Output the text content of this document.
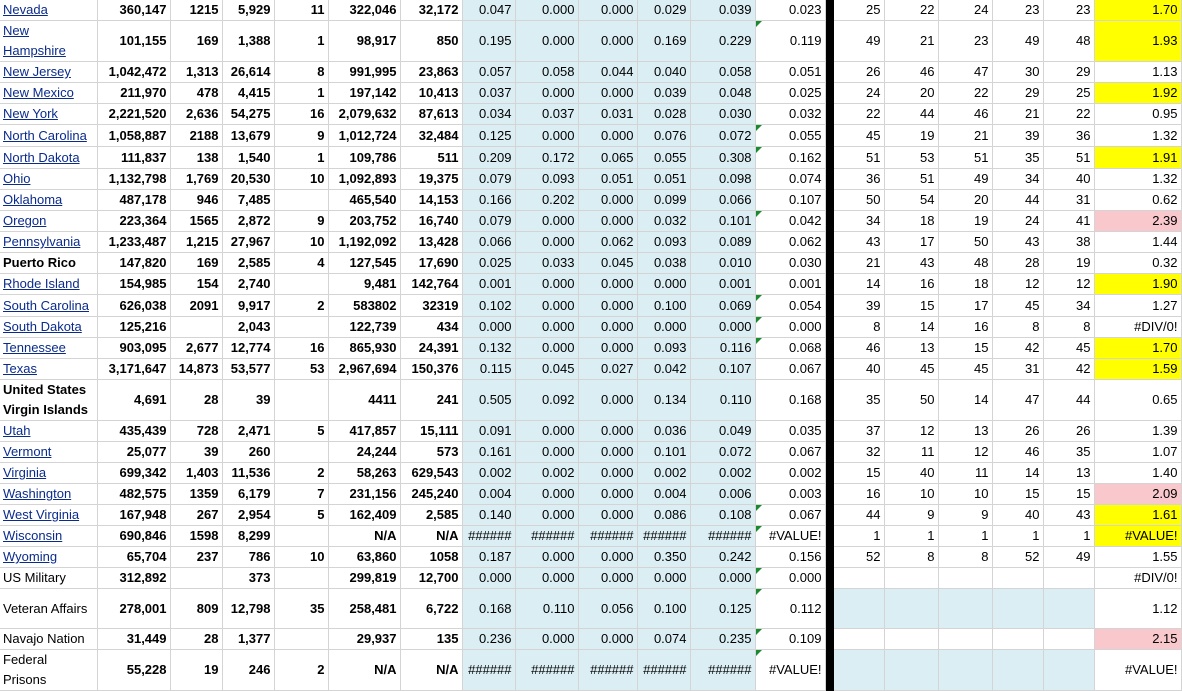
Nevada	360,147	1215	5,929	11	322,046	32,172	0.047	0.000	0.000	0.029	0.039	0.023		25	22	24	23	23	1.70
New Hampshire	101,155	169	1,388	1	98,917	850	0.195	0.000	0.000	0.169	0.229	0.119		49	21	23	49	48	1.93
New Jersey	1,042,472	1,313	26,614	8	991,995	23,863	0.057	0.058	0.044	0.040	0.058	0.051		26	46	47	30	29	1.13
New Mexico	211,970	478	4,415	1	197,142	10,413	0.037	0.000	0.000	0.039	0.048	0.025		24	20	22	29	25	1.92
New York	2,221,520	2,636	54,275	16	2,079,632	87,613	0.034	0.037	0.031	0.028	0.030	0.032		22	44	46	21	22	0.95
North Carolina	1,058,887	2188	13,679	9	1,012,724	32,484	0.125	0.000	0.000	0.076	0.072	0.055		45	19	21	39	36	1.32
North Dakota	111,837	138	1,540	1	109,786	511	0.209	0.172	0.065	0.055	0.308	0.162		51	53	51	35	51	1.91
Ohio	1,132,798	1,769	20,530	10	1,092,893	19,375	0.079	0.093	0.051	0.051	0.098	0.074		36	51	49	34	40	1.32
Oklahoma	487,178	946	7,485		465,540	14,153	0.166	0.202	0.000	0.099	0.066	0.107		50	54	20	44	31	0.62
Oregon	223,364	1565	2,872	9	203,752	16,740	0.079	0.000	0.000	0.032	0.101	0.042		34	18	19	24	41	2.39
Pennsylvania	1,233,487	1,215	27,967	10	1,192,092	13,428	0.066	0.000	0.062	0.093	0.089	0.062		43	17	50	43	38	1.44
Puerto Rico	147,820	169	2,585	4	127,545	17,690	0.025	0.033	0.045	0.038	0.010	0.030		21	43	48	28	19	0.32
Rhode Island	154,985	154	2,740		9,481	142,764	0.001	0.000	0.000	0.000	0.001	0.001		14	16	18	12	12	1.90
South Carolina	626,038	2091	9,917	2	583802	32319	0.102	0.000	0.000	0.100	0.069	0.054		39	15	17	45	34	1.27
South Dakota	125,216		2,043		122,739	434	0.000	0.000	0.000	0.000	0.000	0.000		8	14	16	8	8	#DIV/0!
Tennessee	903,095	2,677	12,774	16	865,930	24,391	0.132	0.000	0.000	0.093	0.116	0.068		46	13	15	42	45	1.70
Texas	3,171,647	14,873	53,577	53	2,967,694	150,376	0.115	0.045	0.027	0.042	0.107	0.067		40	45	45	31	42	1.59
United States Virgin Islands	4,691	28	39		4411	241	0.505	0.092	0.000	0.134	0.110	0.168		35	50	14	47	44	0.65
Utah	435,439	728	2,471	5	417,857	15,111	0.091	0.000	0.000	0.036	0.049	0.035		37	12	13	26	26	1.39
Vermont	25,077	39	260		24,244	573	0.161	0.000	0.000	0.101	0.072	0.067		32	11	12	46	35	1.07
Virginia	699,342	1,403	11,536	2	58,263	629,543	0.002	0.002	0.000	0.002	0.002	0.002		15	40	11	14	13	1.40
Washington	482,575	1359	6,179	7	231,156	245,240	0.004	0.000	0.000	0.004	0.006	0.003		16	10	10	15	15	2.09
West Virginia	167,948	267	2,954	5	162,409	2,585	0.140	0.000	0.000	0.086	0.108	0.067		44	9	9	40	43	1.61
Wisconsin	690,846	1598	8,299		N/A	N/A	######	######	######	######	######	#VALUE!		1	1	1	1	1	#VALUE!
Wyoming	65,704	237	786	10	63,860	1058	0.187	0.000	0.000	0.350	0.242	0.156		52	8	8	52	49	1.55
US Military	312,892		373		299,819	12,700	0.000	0.000	0.000	0.000	0.000	0.000							#DIV/0!
Veteran Affairs	278,001	809	12,798	35	258,481	6,722	0.168	0.110	0.056	0.100	0.125	0.112							1.12
Navajo Nation	31,449	28	1,377		29,937	135	0.236	0.000	0.000	0.074	0.235	0.109							2.15
Federal Prisons	55,228	19	246	2	N/A	N/A	######	######	######	######	######	#VALUE!							#VALUE!
